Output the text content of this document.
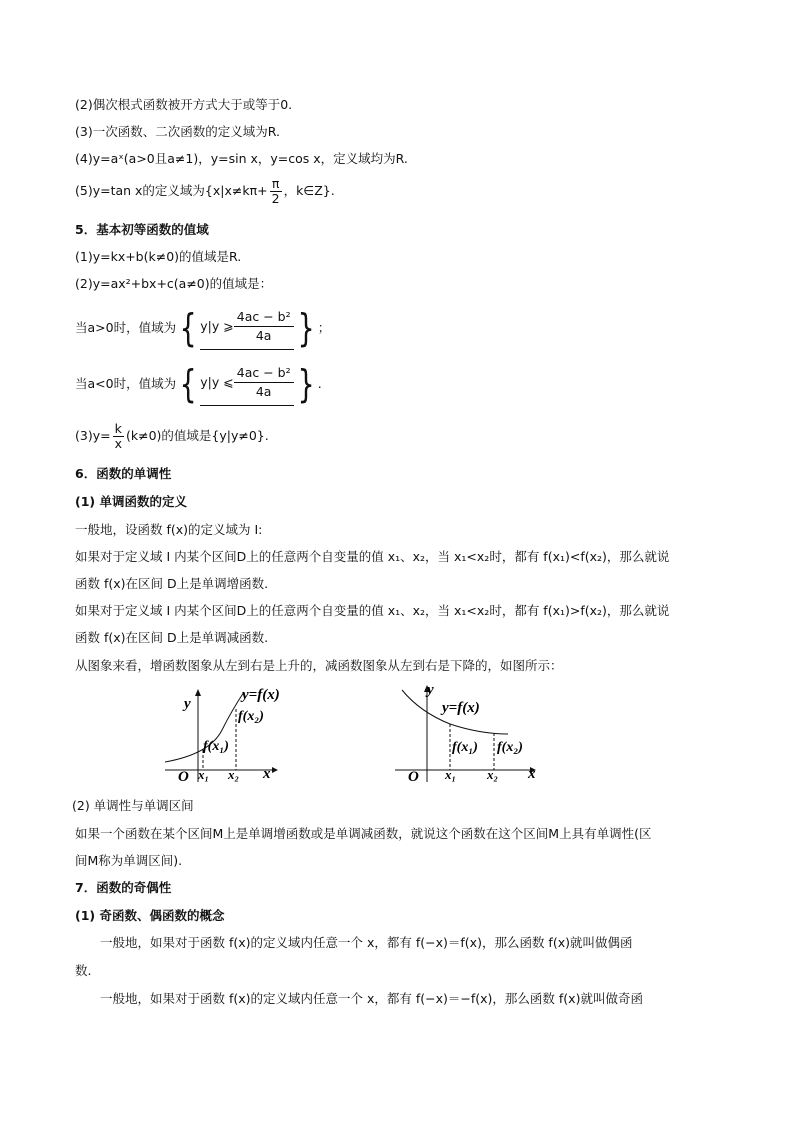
(2)偶次根式函数被开方式大于或等于0.
(3)一次函数、二次函数的定义域为R.
(4)y=aˣ(a>0且a≠1)，y=sin x，y=cos x，定义域均为R.
(5)y=tan x的定义域为{$x|x\ne k\pi+ \frac{\pi}{2}$ ，k∈Z}.
5．基本初等函数的值域
(1)y=kx+b(k≠0)的值域是R.
(2)y=ax²+bx+c(a≠0)的值域是：
当a>0时，值域为{ y|y ⩾ $\frac{\text{4ac − b²}}{4a}$ } ；
当a<0时，值域为{ y|y ⩽ $\frac{\text{4ac − b²}}{4a}$ } .
$(3)y= \frac{k}{x} (k\ne 0)$的值域是{y|y≠0}.
6．函数的单调性
(1) 单调函数的定义
一般地，设函数 f(x)的定义域为 I:
如果对于定义域 I 内某个区间D上的任意两个自变量的值 x₁、x₂，当 x₁<x₂时，都有 f(x₁)<f(x₂)，那么就说
函数 f(x)在区间 D上是单调增函数.
如果对于定义域 I 内某个区间D上的任意两个自变量的值 x₁、x₂，当 x₁<x₂时，都有 f(x₁)>f(x₂)，那么就说
函数 f(x)在区间 D上是单调减函数.
从图象来看，增函数图象从左到右是上升的，减函数图象从左到右是下降的，如图所示：
y
x
O x₁ x₂
f(x₁)
f(x₂)
y=f(x)	y
x
O x₁ x₂
f(x₁) f(x₂)
y=f(x)
(2) 单调性与单调区间
如果一个函数在某个区间M上是单调增函数或是单调减函数，就说这个函数在这个区间M上具有单调性(区
间M称为单调区间).
7．函数的奇偶性
(1) 奇函数、偶函数的概念
一般地，如果对于函数 f(x)的定义域内任意一个 x，都有 f(−x)＝f(x)，那么函数 f(x)就叫做偶函
数.
一般地，如果对于函数 f(x)的定义域内任意一个 x，都有 f(−x)＝−f(x)，那么函数 f(x)就叫做奇函
